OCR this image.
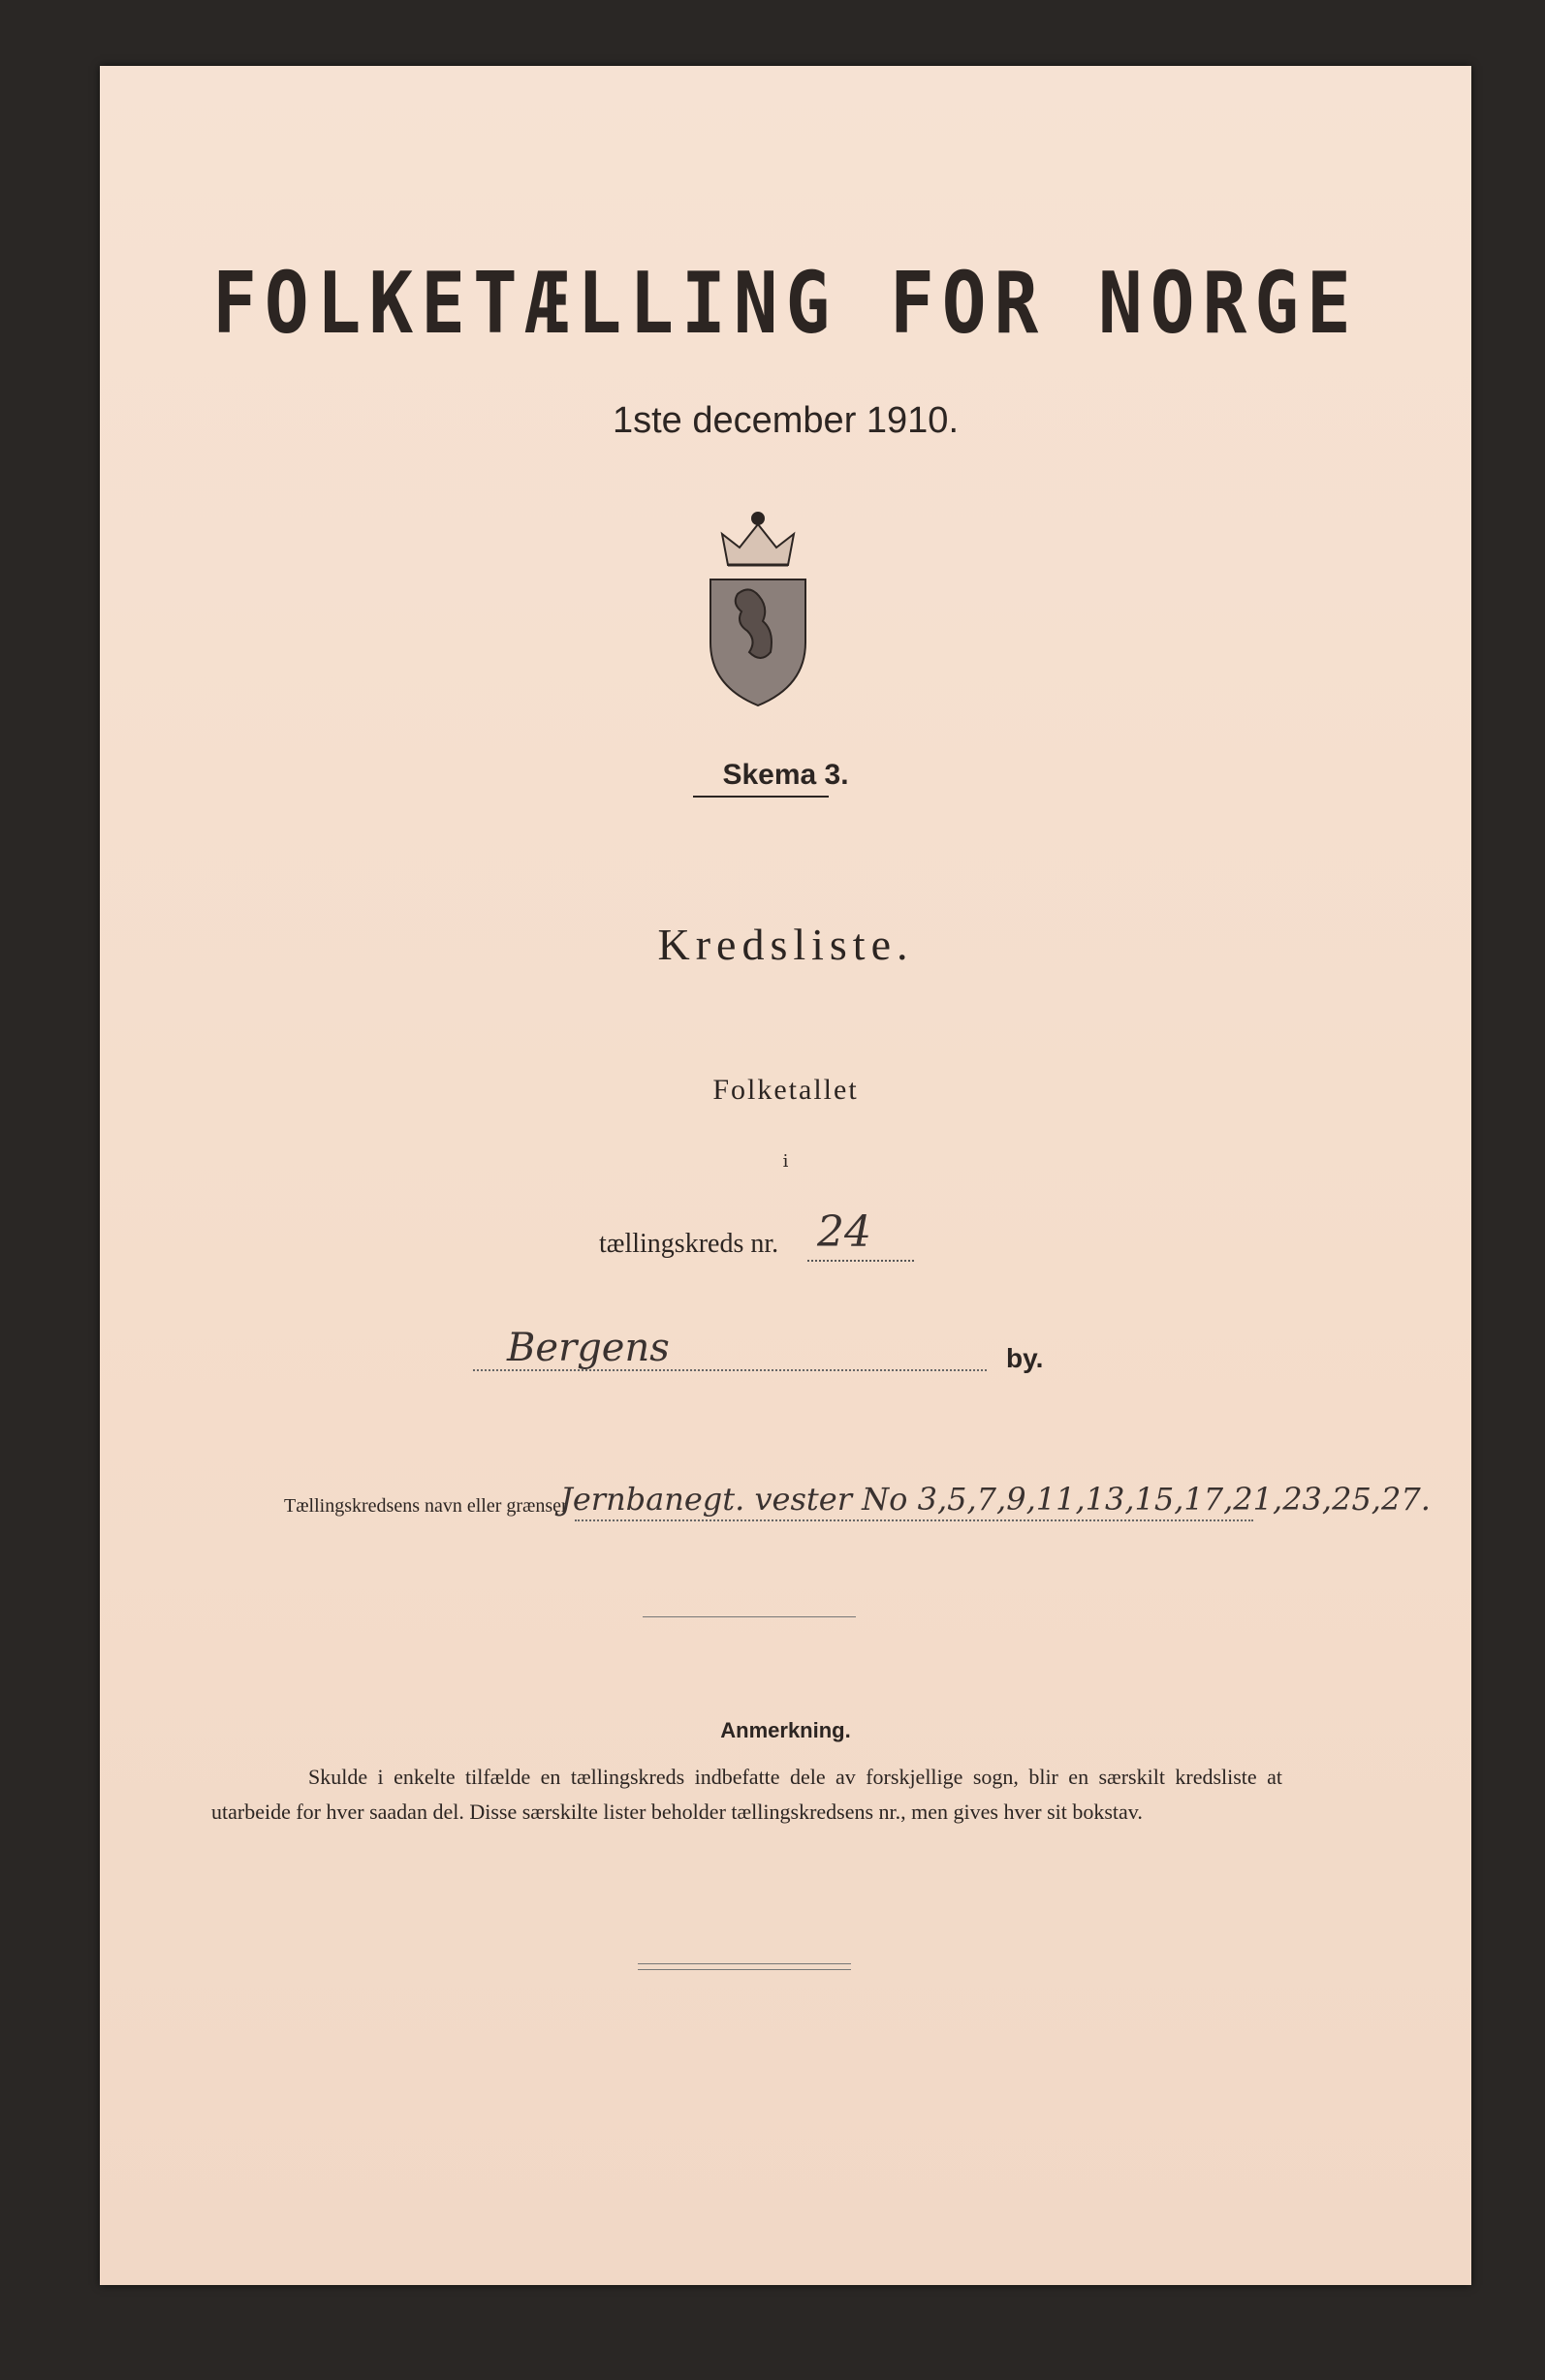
FOLKETÆLLING FOR NORGE
1ste december 1910.
Skema 3.
Kredsliste.
Folketallet
i
tællingskreds nr. 24
Bergens	by.
Tællingskredsens navn eller grænser
Jernbanegt. vester No 3,5,7,9,11,13,15,17,21,23,25,27.
Anmerkning.
Skulde i enkelte tilfælde en tællingskreds indbefatte dele av forskjellige sogn, blir en særskilt kredsliste at utarbeide for hver saadan del. Disse særskilte lister beholder tællingskredsens nr., men gives hver sit bokstav.
